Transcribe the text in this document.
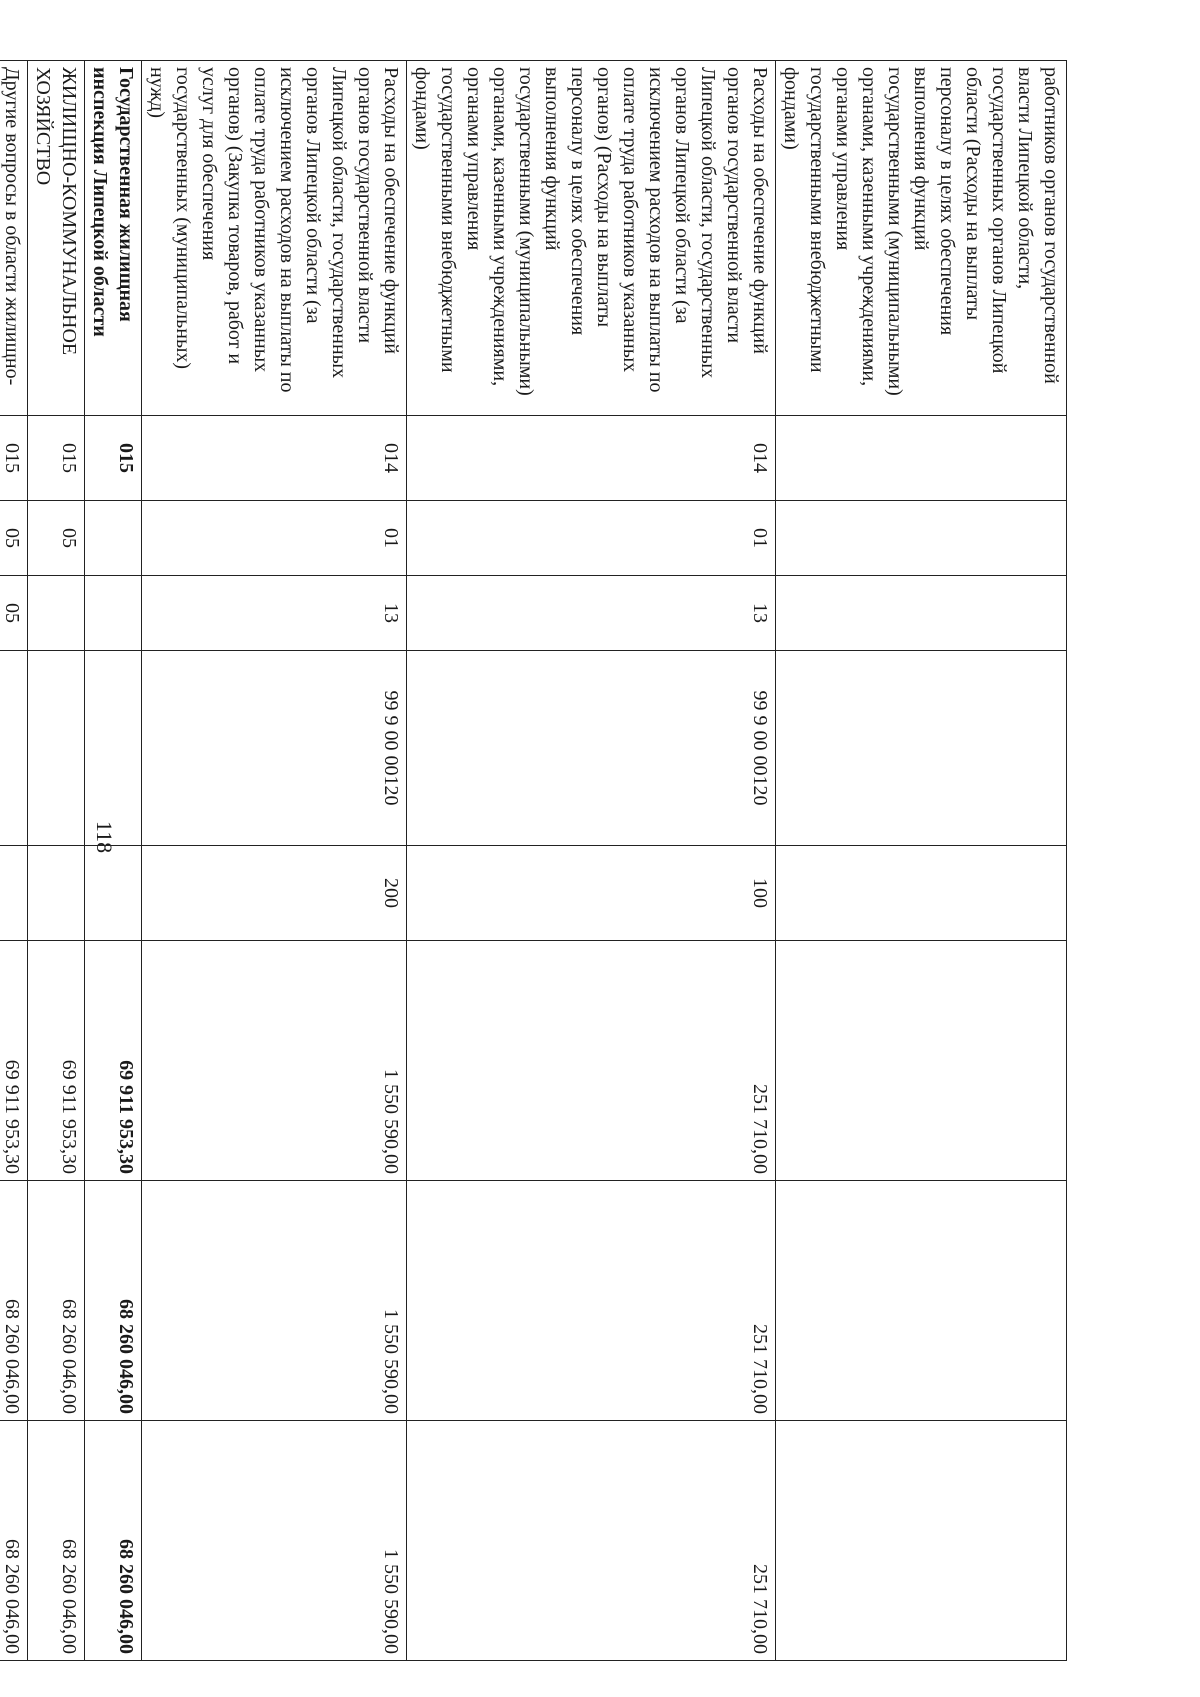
118
работников органов государственной власти Липецкой области, государственных органов Липецкой области (Расходы на выплаты персоналу в целях обеспечения выполнения функций государственными (муниципальными) органами, казенными учреждениями, органами управления государственными внебюджетными фондами)								
Расходы на обеспечение функций органов государственной власти Липецкой области, государственных органов Липецкой области (за исключением расходов на выплаты по оплате труда работников указанных органов) (Расходы на выплаты персоналу в целях обеспечения выполнения функций государственными (муниципальными) органами, казенными учреждениями, органами управления государственными внебюджетными фондами)	014	01	13	99 9 00 00120	100	251 710,00	251 710,00	251 710,00
Расходы на обеспечение функций органов государственной власти Липецкой области, государственных органов Липецкой области (за исключением расходов на выплаты по оплате труда работников указанных органов) (Закупка товаров, работ и услуг для обеспечения государственных (муниципальных) нужд)	014	01	13	99 9 00 00120	200	1 550 590,00	1 550 590,00	1 550 590,00
Государственная жилищная инспекция Липецкой области	015					69 911 953,30	68 260 046,00	68 260 046,00
ЖИЛИЩНО-КОММУНАЛЬНОЕ ХОЗЯЙСТВО	015	05				69 911 953,30	68 260 046,00	68 260 046,00
Другие вопросы в области жилищно-	015	05	05			69 911 953,30	68 260 046,00	68 260 046,00
